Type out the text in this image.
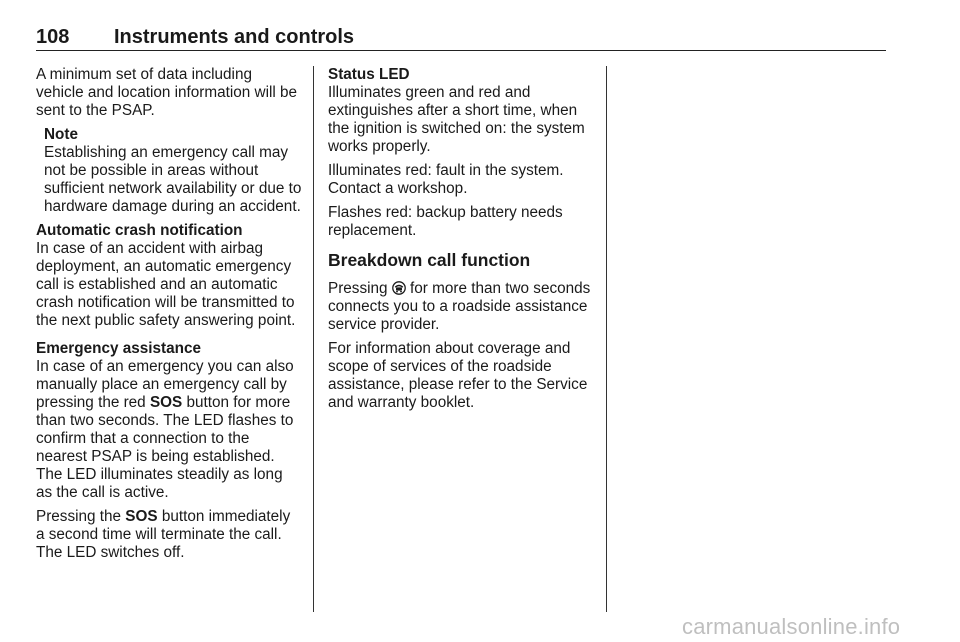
108 Instruments and controls

A minimum set of data including vehicle and location information will be sent to the PSAP.

Note
Establishing an emergency call may not be possible in areas without sufficient network availability or due to hardware damage during an accident.
Automatic crash notification

In case of an accident with airbag deployment, an automatic emergency call is established and an automatic crash notification will be transmitted to the next public safety answering point.

Emergency assistance

In case of an emergency you can also manually place an emergency call by pressing the red SOS button for more than two seconds. The LED flashes to confirm that a connection to the nearest PSAP is being established. The LED illuminates steadily as long as the call is active.

Pressing the SOS button immediately a second time will terminate the call. The LED switches off.

Status LED

Illuminates green and red and extinguishes after a short time, when the ignition is switched on: the system works properly.

Illuminates red: fault in the system. Contact a workshop.

Flashes red: backup battery needs replacement.

Breakdown call function

Pressing for more than two seconds connects you to a roadside assistance service provider.

For information about coverage and scope of services of the roadside assistance, please refer to the Service and warranty booklet.

carmanualsonline.info
